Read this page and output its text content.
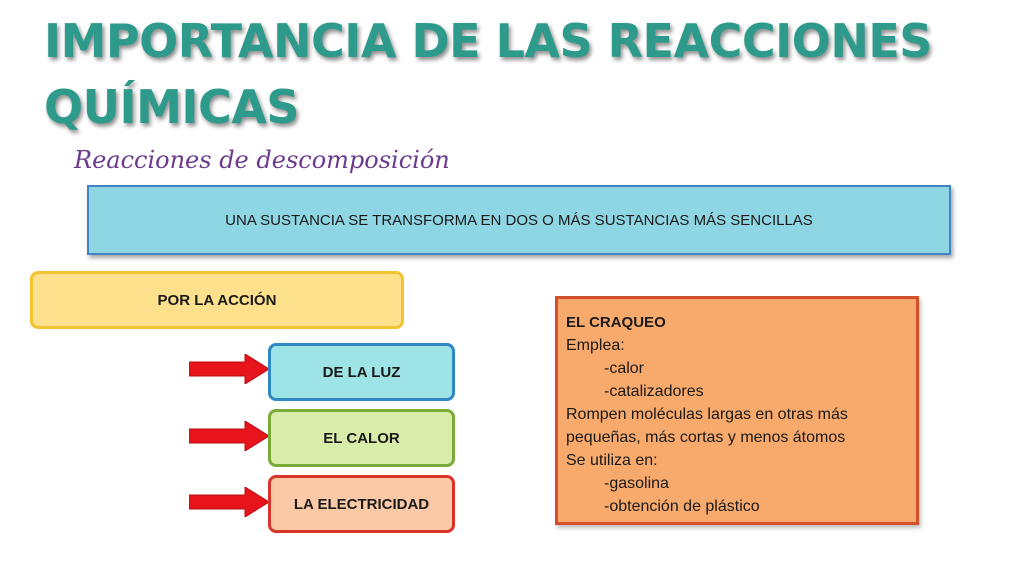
IMPORTANCIA DE LAS REACCIONES QUÍMICAS

Reacciones de descomposición

UNA SUSTANCIA SE TRANSFORMA EN DOS O MÁS SUSTANCIAS MÁS SENCILLAS
POR LA ACCIÓN
DE LA LUZ
EL CALOR
LA ELECTRICIDAD

EL CRAQUEO

Emplea:

-calor

-catalizadores

Rompen moléculas largas en otras más

pequeñas, más cortas y menos átomos

Se utiliza en:

-gasolina

-obtención de plástico
